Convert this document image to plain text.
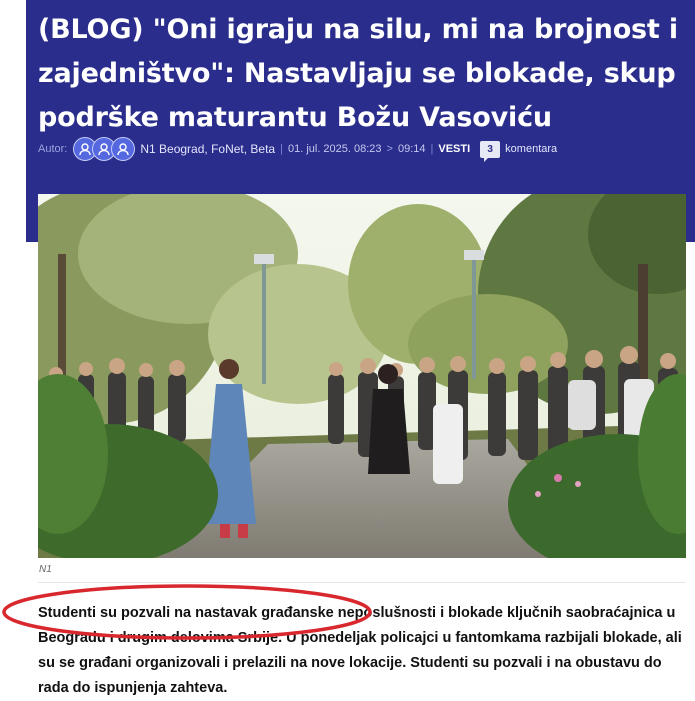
(BLOG) "Oni igraju na silu, mi na brojnost i zajedništvo": Nastavljaju se blokade, skup podrške maturantu Božu Vasoviću
Autor:	N1 Beograd, FoNet, Beta | 01. jul. 2025. 08:23 > 09:14 | VESTI	3	komentara
N1

Studenti su pozvali na nastavak građanske neposlušnosti i blokade ključnih saobraćajnica u Beogradu i drugim delovima Srbije. U ponedeljak policajci u fantomkama razbijali blokade, ali su se građani organizovali i prelazili na nove lokacije. Studenti su pozvali i na obustavu do rada do ispunjenja zahteva.
